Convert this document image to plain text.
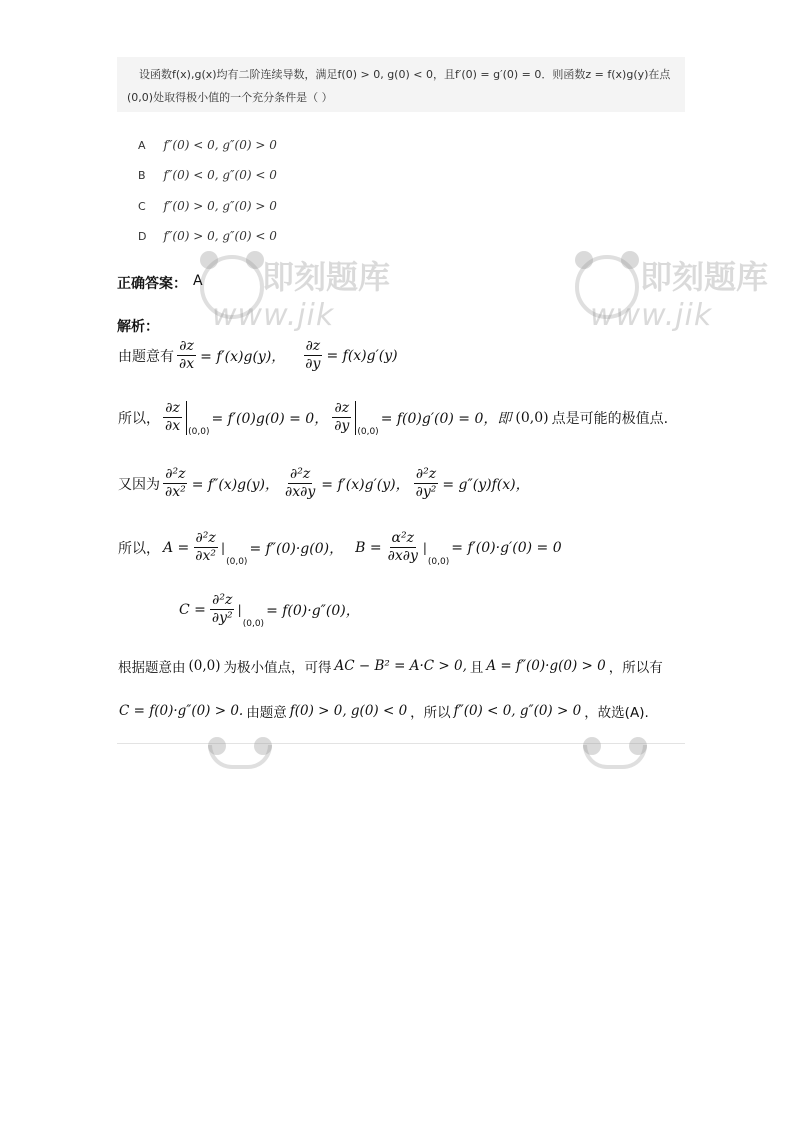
即刻题库
www.jik
即刻题库
www.jik
设函数f(x),g(x)均有二阶连续导数，满足f(0) > 0, g(0) < 0，且f′(0) = g′(0) = 0．则函数z = f(x)g(y)在点(0,0)处取得极小值的一个充分条件是（ ）
A f″(0) < 0, g″(0) > 0
B f″(0) < 0, g″(0) < 0
C f″(0) > 0, g″(0) > 0
D f″(0) > 0, g″(0) < 0
正确答案： A
解析：
由题意有 $\frac{\partial z}{\partial x} = f'(x)g(y)$， $\frac{\partial z}{\partial y} = f(x)g'(y)$
所以， $\frac{\partial z}{\partial x} (0,0)$
= f′(0)g(0) = 0， $\frac{\partial z}{\partial y} (0,0)$
= f(0)g′(0) = 0，即 (0,0) 点是可能的极值点.
又因为 $\frac{\text{∂²z}}{\text{∂x²}} = f''(x)g(y)$， $\frac{\text{∂²z}}{\partial x\partial y} = f'(x)g'(y)$， $\frac{\text{∂²z}}{\text{∂y²}} = g''(y)f(x)$，
所以， $A = \frac{\text{∂²z}}{\text{∂x²}}$ |
(0,0)
= f″(0)·g(0)， $B = \frac{\text{α²z}}{\partial x\partial y}$ |
(0,0)
= f′(0)·g′(0) = 0
$C = \frac{\text{∂²z}}{\text{∂y²}}$ |
(0,0)
= f(0)·g″(0)，
根据题意由 (0,0) 为极小值点，可得 AC − B² = A·C > 0, 且 A = f″(0)·g(0) > 0 ，所以有
C = f(0)·g″(0) > 0. 由题意 f(0) > 0, g(0) < 0 ，所以 f″(0) < 0, g″(0) > 0 ，故选(A).
